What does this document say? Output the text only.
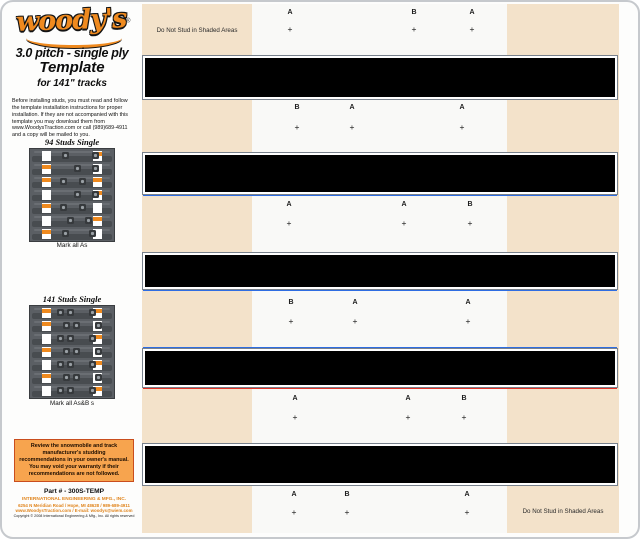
woody's®
3.0 pitch - single ply
Template
for 141" tracks

Before installing studs, you must read and follow the template installation instructions for proper installation. If they are not accompanied with this template you may download them from www.WoodysTraction.com or call (989)689-4911 and a copy will be mailed to you.

94 Studs Single
Mark all As
141 Studs Single
Mark all As&B s
Review the snowmobile and track manufacturer's studding recommendations in your owner's manual. You may void your warranty if their recommendations are not followed.
Part # - 300S-TEMP
INTERNATIONAL ENGINEERING & MFG., INC.
6254 N Meridian Road / Hope, MI 48628 / 989-689-4911
www.WoodysTraction.com / E-mail: woodys@wiem.com
Copyright © 2008 International Engineering & Mfg., Inc. All rights reserved
Do Not Stud in Shaded Areas
Do Not Stud in Shaded Areas
A
+
B
+
A
+
B
+
A
+
A
+
A
+
A
+
B
+
B
+
A
+
A
+
A
+
A
+
B
+
A
+
B
+
A
+
